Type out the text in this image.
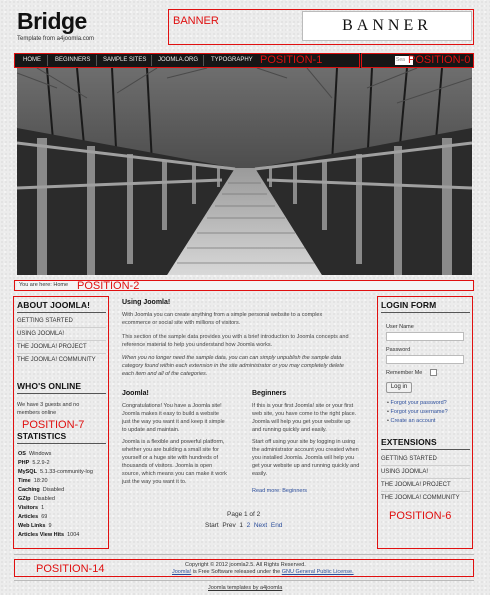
Bridge
Template from a4joomla.com
BANNER	BANNER
HOME BEGINNERS SAMPLE SITES JOOMLA.ORG TYPOGRAPHY	Sea
POSITION-1	POSITION-0
You are here: Home POSITION-2
ABOUT JOOMLA!
GETTING STARTED
USING JOOMLA!
THE JOOMLA! PROJECT
THE JOOMLA! COMMUNITY
WHO'S ONLINE
We have 3 guests and no
members online
POSITION-7
STATISTICS
OS Windows
PHP 5.2.9-2
MySQL 5.1.33-community-log
Time 18:20
Caching Disabled
GZip Disabled
Visitors 1
Articles 69
Web Links 9
Articles View Hits 1004
Using Joomla!
With Joomla you can create anything from a simple personal website to a complex
ecommerce or social site with millions of visitors.
This section of the sample data provides you with a brief introduction to Joomla concepts and
reference material to help you understand how Joomla works.
When you no longer need the sample data, you can can simply unpublish the sample data
category found within each extension in the site administrator or you may completely delete
each item and all of the categories.
Joomla!
Congratulations! You have a Joomla site!
Joomla makes it easy to build a website
just the way you want it and keep it simple
to update and maintain.
Joomla is a flexible and powerful platform,
whether you are building a small site for
yourself or a huge site with hundreds of
thousands of visitors. Joomla is open
source, which means you can make it work
just the way you want it to.
Beginners
If this is your first Joomla! site or your first
web site, you have come to the right place.
Joomla will help you get your website up
and running quickly and easily.
Start off using your site by logging in using
the administrator account you created when
you installed Joomla. Joomla will help you
get your website up and running quickly and
easily.
Read more: Beginners
Page 1 of 2
Start Prev 1 2 Next End
LOGIN FORM
User Name
Password
Remember Me
Log in
• Forgot your password?
• Forgot your username?
• Create an account
EXTENSIONS
GETTING STARTED
USING JOOMLA!
THE JOOMLA! PROJECT
THE JOOMLA! COMMUNITY
POSITION-6
Copyright © 2012 joomla2.5. All Rights Reserved.
Joomla! is Free Software released under the GNU General Public License.
POSITION-14
Joomla templates by a4joomla
